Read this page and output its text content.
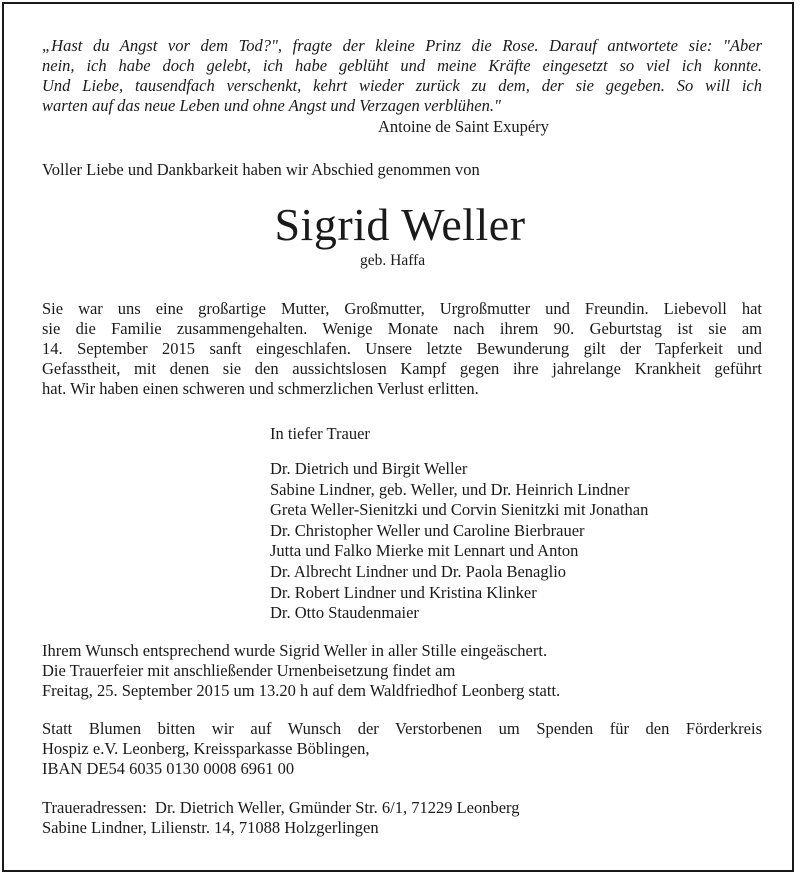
„Hast du Angst vor dem Tod?", fragte der kleine Prinz die Rose. Darauf antwortete sie: "Aber
nein, ich habe doch gelebt, ich habe geblüht und meine Kräfte eingesetzt so viel ich konnte.
Und Liebe, tausendfach verschenkt, kehrt wieder zurück zu dem, der sie gegeben. So will ich
warten auf das neue Leben und ohne Angst und Verzagen verblühen."
Antoine de Saint Exupéry
Voller Liebe und Dankbarkeit haben wir Abschied genommen von
Sigrid Weller
geb. Haffa
Sie war uns eine großartige Mutter, Großmutter, Urgroßmutter und Freundin. Liebevoll hat
sie die Familie zusammengehalten. Wenige Monate nach ihrem 90. Geburtstag ist sie am
14. September 2015 sanft eingeschlafen. Unsere letzte Bewunderung gilt der Tapferkeit und
Gefasstheit, mit denen sie den aussichtslosen Kampf gegen ihre jahrelange Krankheit geführt
hat. Wir haben einen schweren und schmerzlichen Verlust erlitten.
In tiefer Trauer
Dr. Dietrich und Birgit Weller
Sabine Lindner, geb. Weller, und Dr. Heinrich Lindner
Greta Weller-Sienitzki und Corvin Sienitzki mit Jonathan
Dr. Christopher Weller und Caroline Bierbrauer
Jutta und Falko Mierke mit Lennart und Anton
Dr. Albrecht Lindner und Dr. Paola Benaglio
Dr. Robert Lindner und Kristina Klinker
Dr. Otto Staudenmaier
Ihrem Wunsch entsprechend wurde Sigrid Weller in aller Stille eingeäschert.
Die Trauerfeier mit anschließender Urnenbeisetzung findet am
Freitag, 25. September 2015 um 13.20 h auf dem Waldfriedhof Leonberg statt.
Statt Blumen bitten wir auf Wunsch der Verstorbenen um Spenden für den Förderkreis
Hospiz e.V. Leonberg, Kreissparkasse Böblingen,
IBAN DE54 6035 0130 0008 6961 00
Traueradressen:  Dr. Dietrich Weller, Gmünder Str. 6/1, 71229 Leonberg
Sabine Lindner, Lilienstr. 14, 71088 Holzgerlingen
